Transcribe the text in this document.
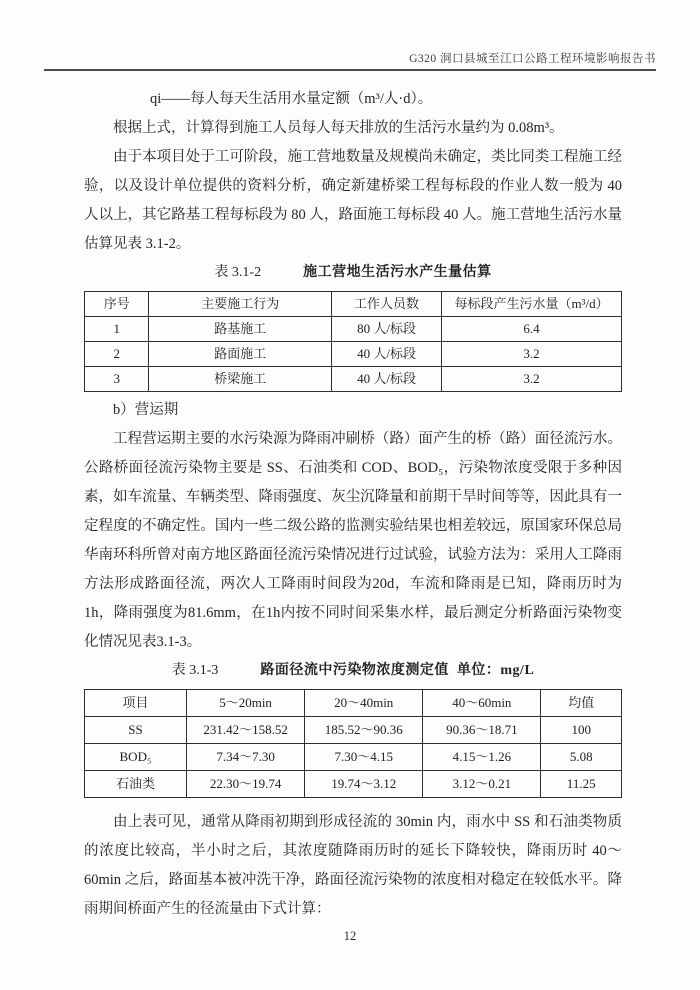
G320 洞口县城至江口公路工程环境影响报告书

qi——每人每天生活用水量定额（m³/人·d）。

根据上式，计算得到施工人员每人每天排放的生活污水量约为 0.08m³。

由于本项目处于工可阶段，施工营地数量及规模尚未确定，类比同类工程施工经验，以及设计单位提供的资料分析，确定新建桥梁工程每标段的作业人数一般为 40 人以上，其它路基工程每标段为 80 人，路面施工每标段 40 人。施工营地生活污水量估算见表 3.1-2。

表 3.1-2	施工营地生活污水产生量估算
序号	主要施工行为	工作人员数	每标段产生污水量（m³/d）
1	路基施工	80 人/标段	6.4
2	路面施工	40 人/标段	3.2
3	桥梁施工	40 人/标段	3.2

b）营运期

工程营运期主要的水污染源为降雨冲刷桥（路）面产生的桥（路）面径流污水。公路桥面径流污染物主要是 SS、石油类和 COD、BOD₅，污染物浓度受限于多种因素，如车流量、车辆类型、降雨强度、灰尘沉降量和前期干旱时间等等，因此具有一定程度的不确定性。国内一些二级公路的监测实验结果也相差较远，原国家环保总局华南环科所曾对南方地区路面径流污染情况进行过试验，试验方法为：采用人工降雨方法形成路面径流，两次人工降雨时间段为20d，车流和降雨是已知，降雨历时为1h，降雨强度为81.6mm，在1h内按不同时间采集水样，最后测定分析路面污染物变化情况见表3.1-3。

表 3.1-3	路面径流中污染物浓度测定值 单位：mg/L
项目	5～20min	20～40min	40～60min	均值
SS	231.42～158.52	185.52～90.36	90.36～18.71	100
BOD₅	7.34～7.30	7.30～4.15	4.15～1.26	5.08
石油类	22.30～19.74	19.74～3.12	3.12～0.21	11.25

由上表可见，通常从降雨初期到形成径流的 30min 内，雨水中 SS 和石油类物质的浓度比较高，半小时之后，其浓度随降雨历时的延长下降较快，降雨历时 40～60min 之后，路面基本被冲洗干净，路面径流污染物的浓度相对稳定在较低水平。降雨期间桥面产生的径流量由下式计算：

12
